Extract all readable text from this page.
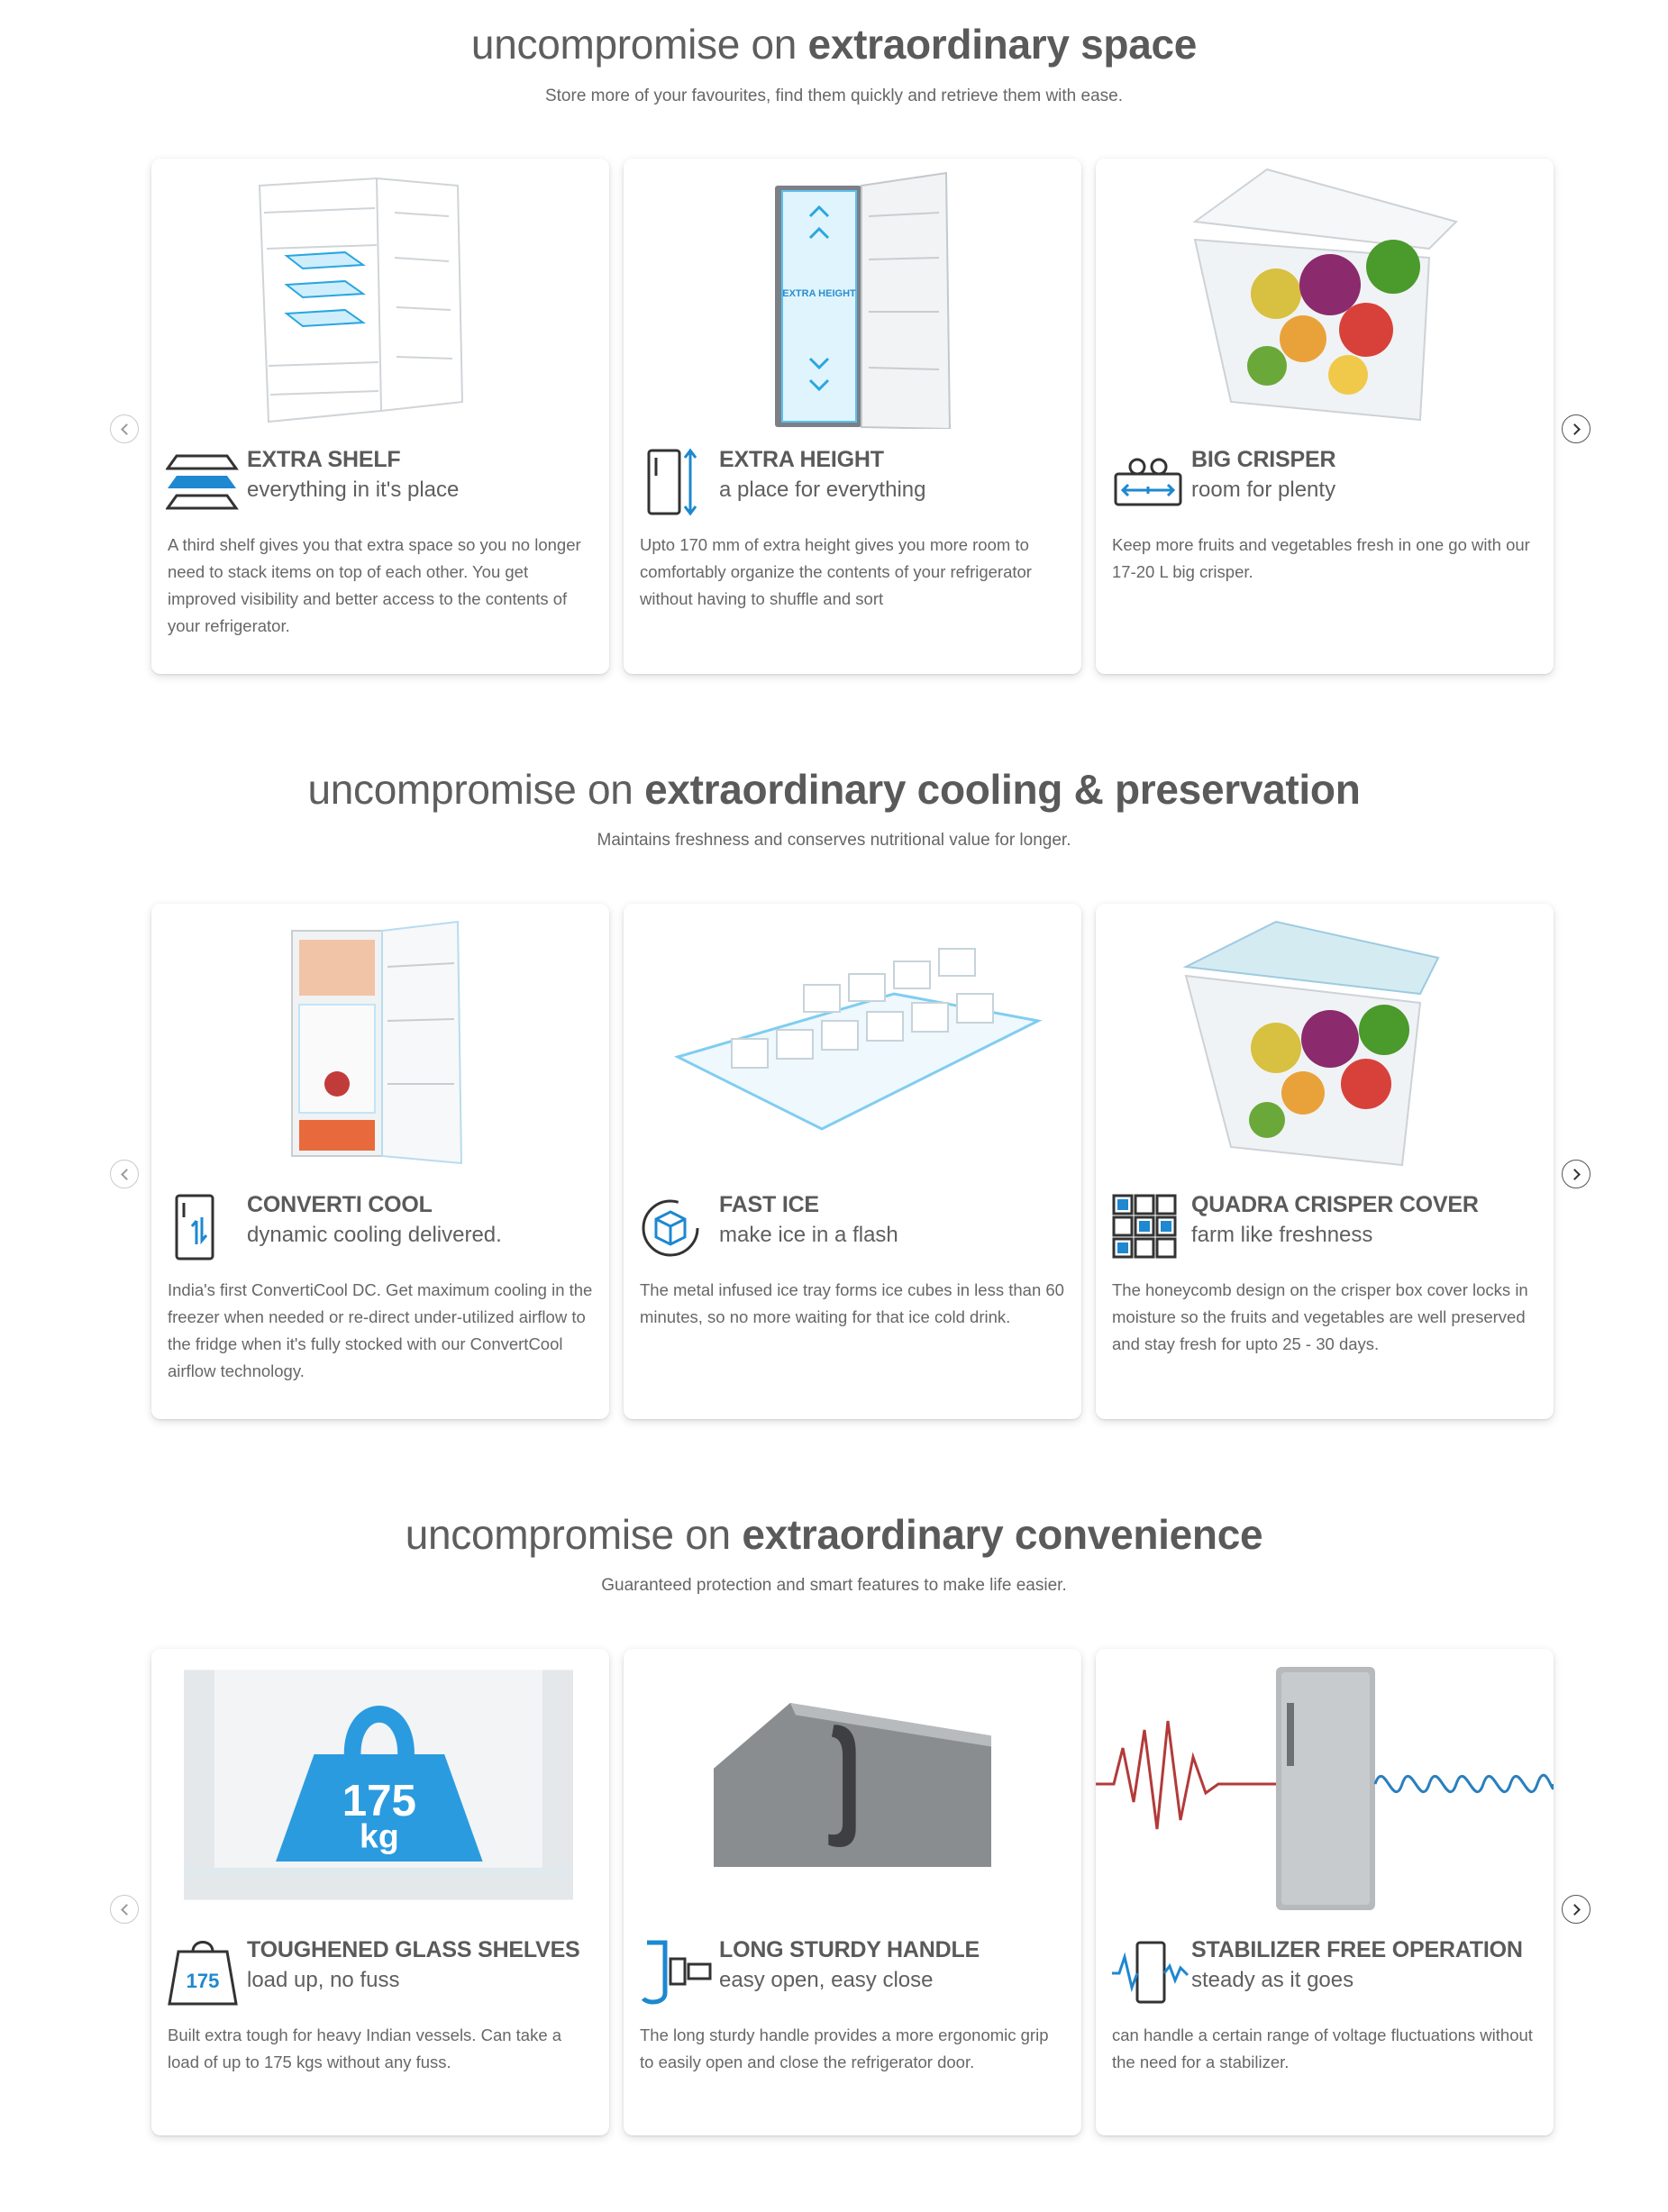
uncompromise on extraordinary space

Store more of your favourites, find them quickly and retrieve them with ease.

EXTRA SHELF
everything in it's place

A third shelf gives you that extra space so you no longer need to stack items on top of each other. You get improved visibility and better access to the contents of your refrigerator.

EXTRA HEIGHT
EXTRA HEIGHT
a place for everything

Upto 170 mm of extra height gives you more room to comfortably organize the contents of your refrigerator without having to shuffle and sort

BIG CRISPER
room for plenty

Keep more fruits and vegetables fresh in one go with our 17-20 L big crisper.

uncompromise on extraordinary cooling & preservation

Maintains freshness and conserves nutritional value for longer.

CONVERTI COOL
dynamic cooling delivered.

India's first ConvertiCool DC. Get maximum cooling in the freezer when needed or re-direct under-utilized airflow to the fridge when it's fully stocked with our ConvertCool airflow technology.

FAST ICE
make ice in a flash

The metal infused ice tray forms ice cubes in less than 60 minutes, so no more waiting for that ice cold drink.

QUADRA CRISPER COVER
farm like freshness

The honeycomb design on the crisper box cover locks in moisture so the fruits and vegetables are well preserved and stay fresh for upto 25 - 30 days.

uncompromise on extraordinary convenience

Guaranteed protection and smart features to make life easier.

175
kg
175
TOUGHENED GLASS SHELVES
load up, no fuss

Built extra tough for heavy Indian vessels. Can take a load of up to 175 kgs without any fuss.

LONG STURDY HANDLE
easy open, easy close

The long sturdy handle provides a more ergonomic grip to easily open and close the refrigerator door.

STABILIZER FREE OPERATION
steady as it goes

can handle a certain range of voltage fluctuations without the need for a stabilizer.
